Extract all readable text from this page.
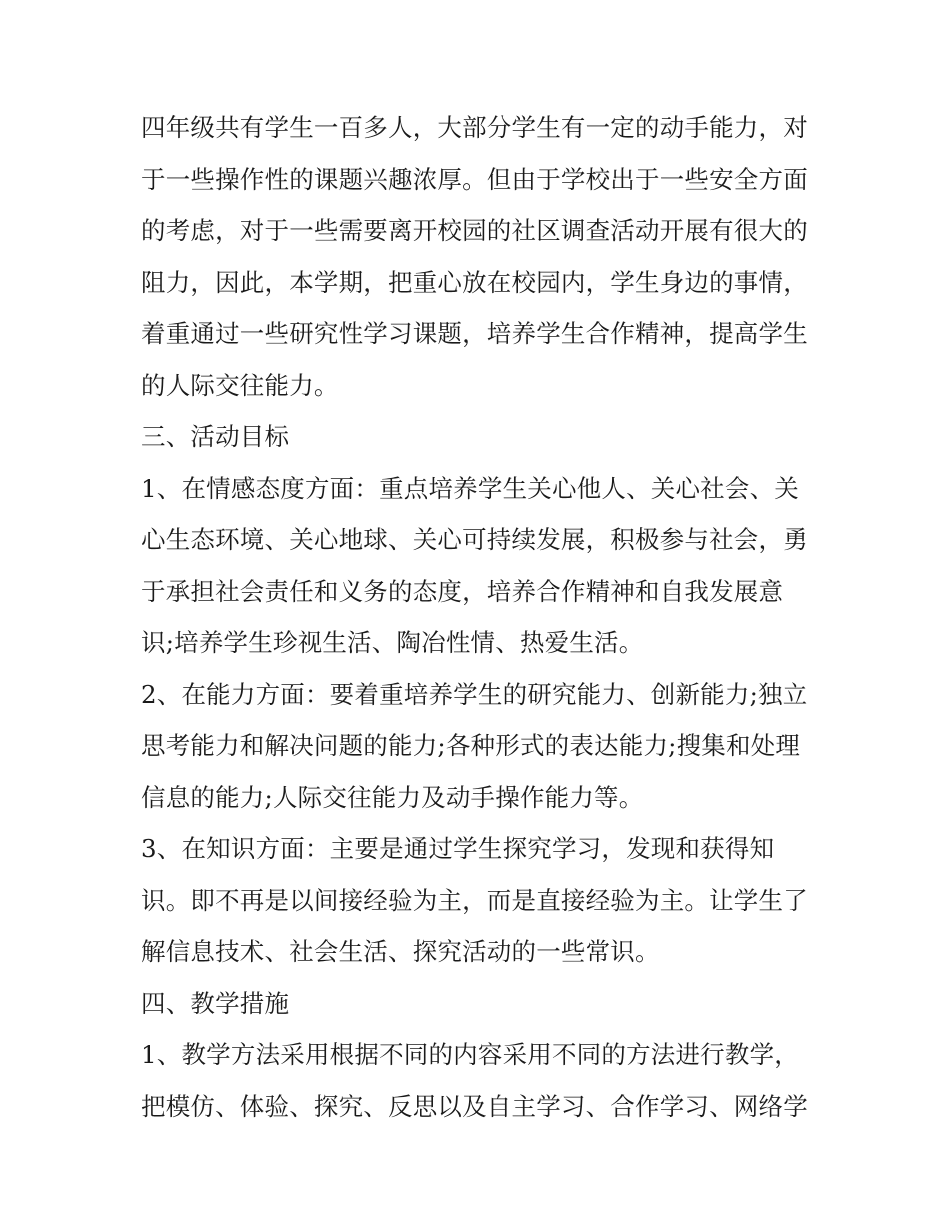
四年级共有学生一百多人，大部分学生有一定的动手能力，对
于一些操作性的课题兴趣浓厚。但由于学校出于一些安全方面
的考虑，对于一些需要离开校园的社区调查活动开展有很大的
阻力，因此，本学期，把重心放在校园内，学生身边的事情，
着重通过一些研究性学习课题，培养学生合作精神，提高学生
的人际交往能力。
三、活动目标
1、在情感态度方面：重点培养学生关心他人、关心社会、关
心生态环境、关心地球、关心可持续发展，积极参与社会，勇
于承担社会责任和义务的态度，培养合作精神和自我发展意
识;培养学生珍视生活、陶冶性情、热爱生活。
2、在能力方面：要着重培养学生的研究能力、创新能力;独立
思考能力和解决问题的能力;各种形式的表达能力;搜集和处理
信息的能力;人际交往能力及动手操作能力等。
3、在知识方面：主要是通过学生探究学习，发现和获得知
识。即不再是以间接经验为主，而是直接经验为主。让学生了
解信息技术、社会生活、探究活动的一些常识。
四、教学措施
1、教学方法采用根据不同的内容采用不同的方法进行教学，
把模仿、体验、探究、反思以及自主学习、合作学习、网络学
